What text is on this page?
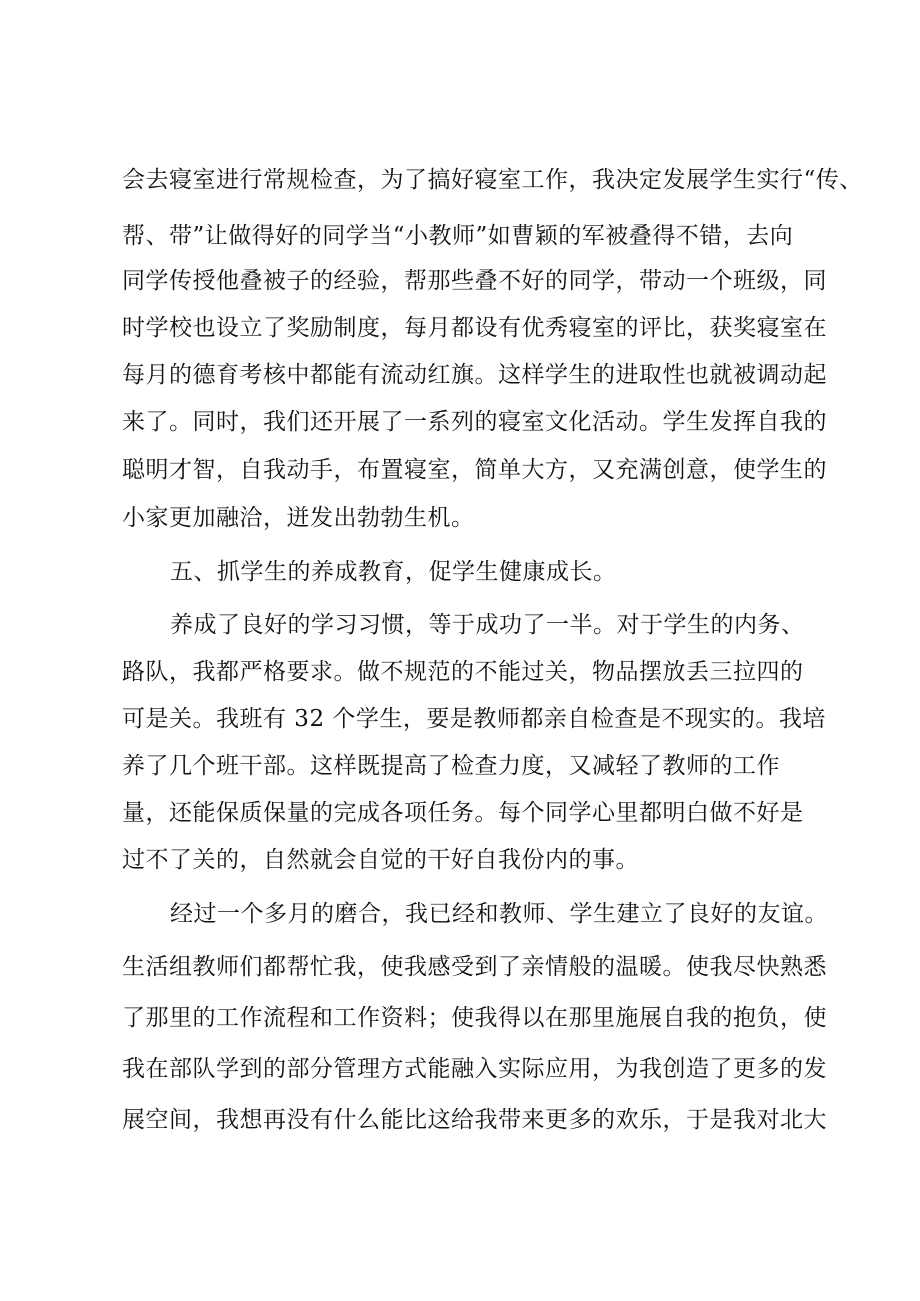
会去寝室进行常规检查，为了搞好寝室工作，我决定发展学生实行“传、

帮、带”让做得好的同学当“小教师”如曹颖的军被叠得不错，去向

同学传授他叠被子的经验，帮那些叠不好的同学，带动一个班级，同

时学校也设立了奖励制度，每月都设有优秀寝室的评比，获奖寝室在

每月的德育考核中都能有流动红旗。这样学生的进取性也就被调动起

来了。同时，我们还开展了一系列的寝室文化活动。学生发挥自我的

聪明才智，自我动手，布置寝室，简单大方，又充满创意，使学生的

小家更加融洽，迸发出勃勃生机。

五、抓学生的养成教育，促学生健康成长。

养成了良好的学习习惯，等于成功了一半。对于学生的内务、

路队，我都严格要求。做不规范的不能过关，物品摆放丢三拉四的

可是关。我班有 32 个学生，要是教师都亲自检查是不现实的。我培

养了几个班干部。这样既提高了检查力度，又减轻了教师的工作

量，还能保质保量的完成各项任务。每个同学心里都明白做不好是

过不了关的，自然就会自觉的干好自我份内的事。

经过一个多月的磨合，我已经和教师、学生建立了良好的友谊。

生活组教师们都帮忙我，使我感受到了亲情般的温暖。使我尽快熟悉

了那里的工作流程和工作资料；使我得以在那里施展自我的抱负，使

我在部队学到的部分管理方式能融入实际应用，为我创造了更多的发

展空间，我想再没有什么能比这给我带来更多的欢乐，于是我对北大
